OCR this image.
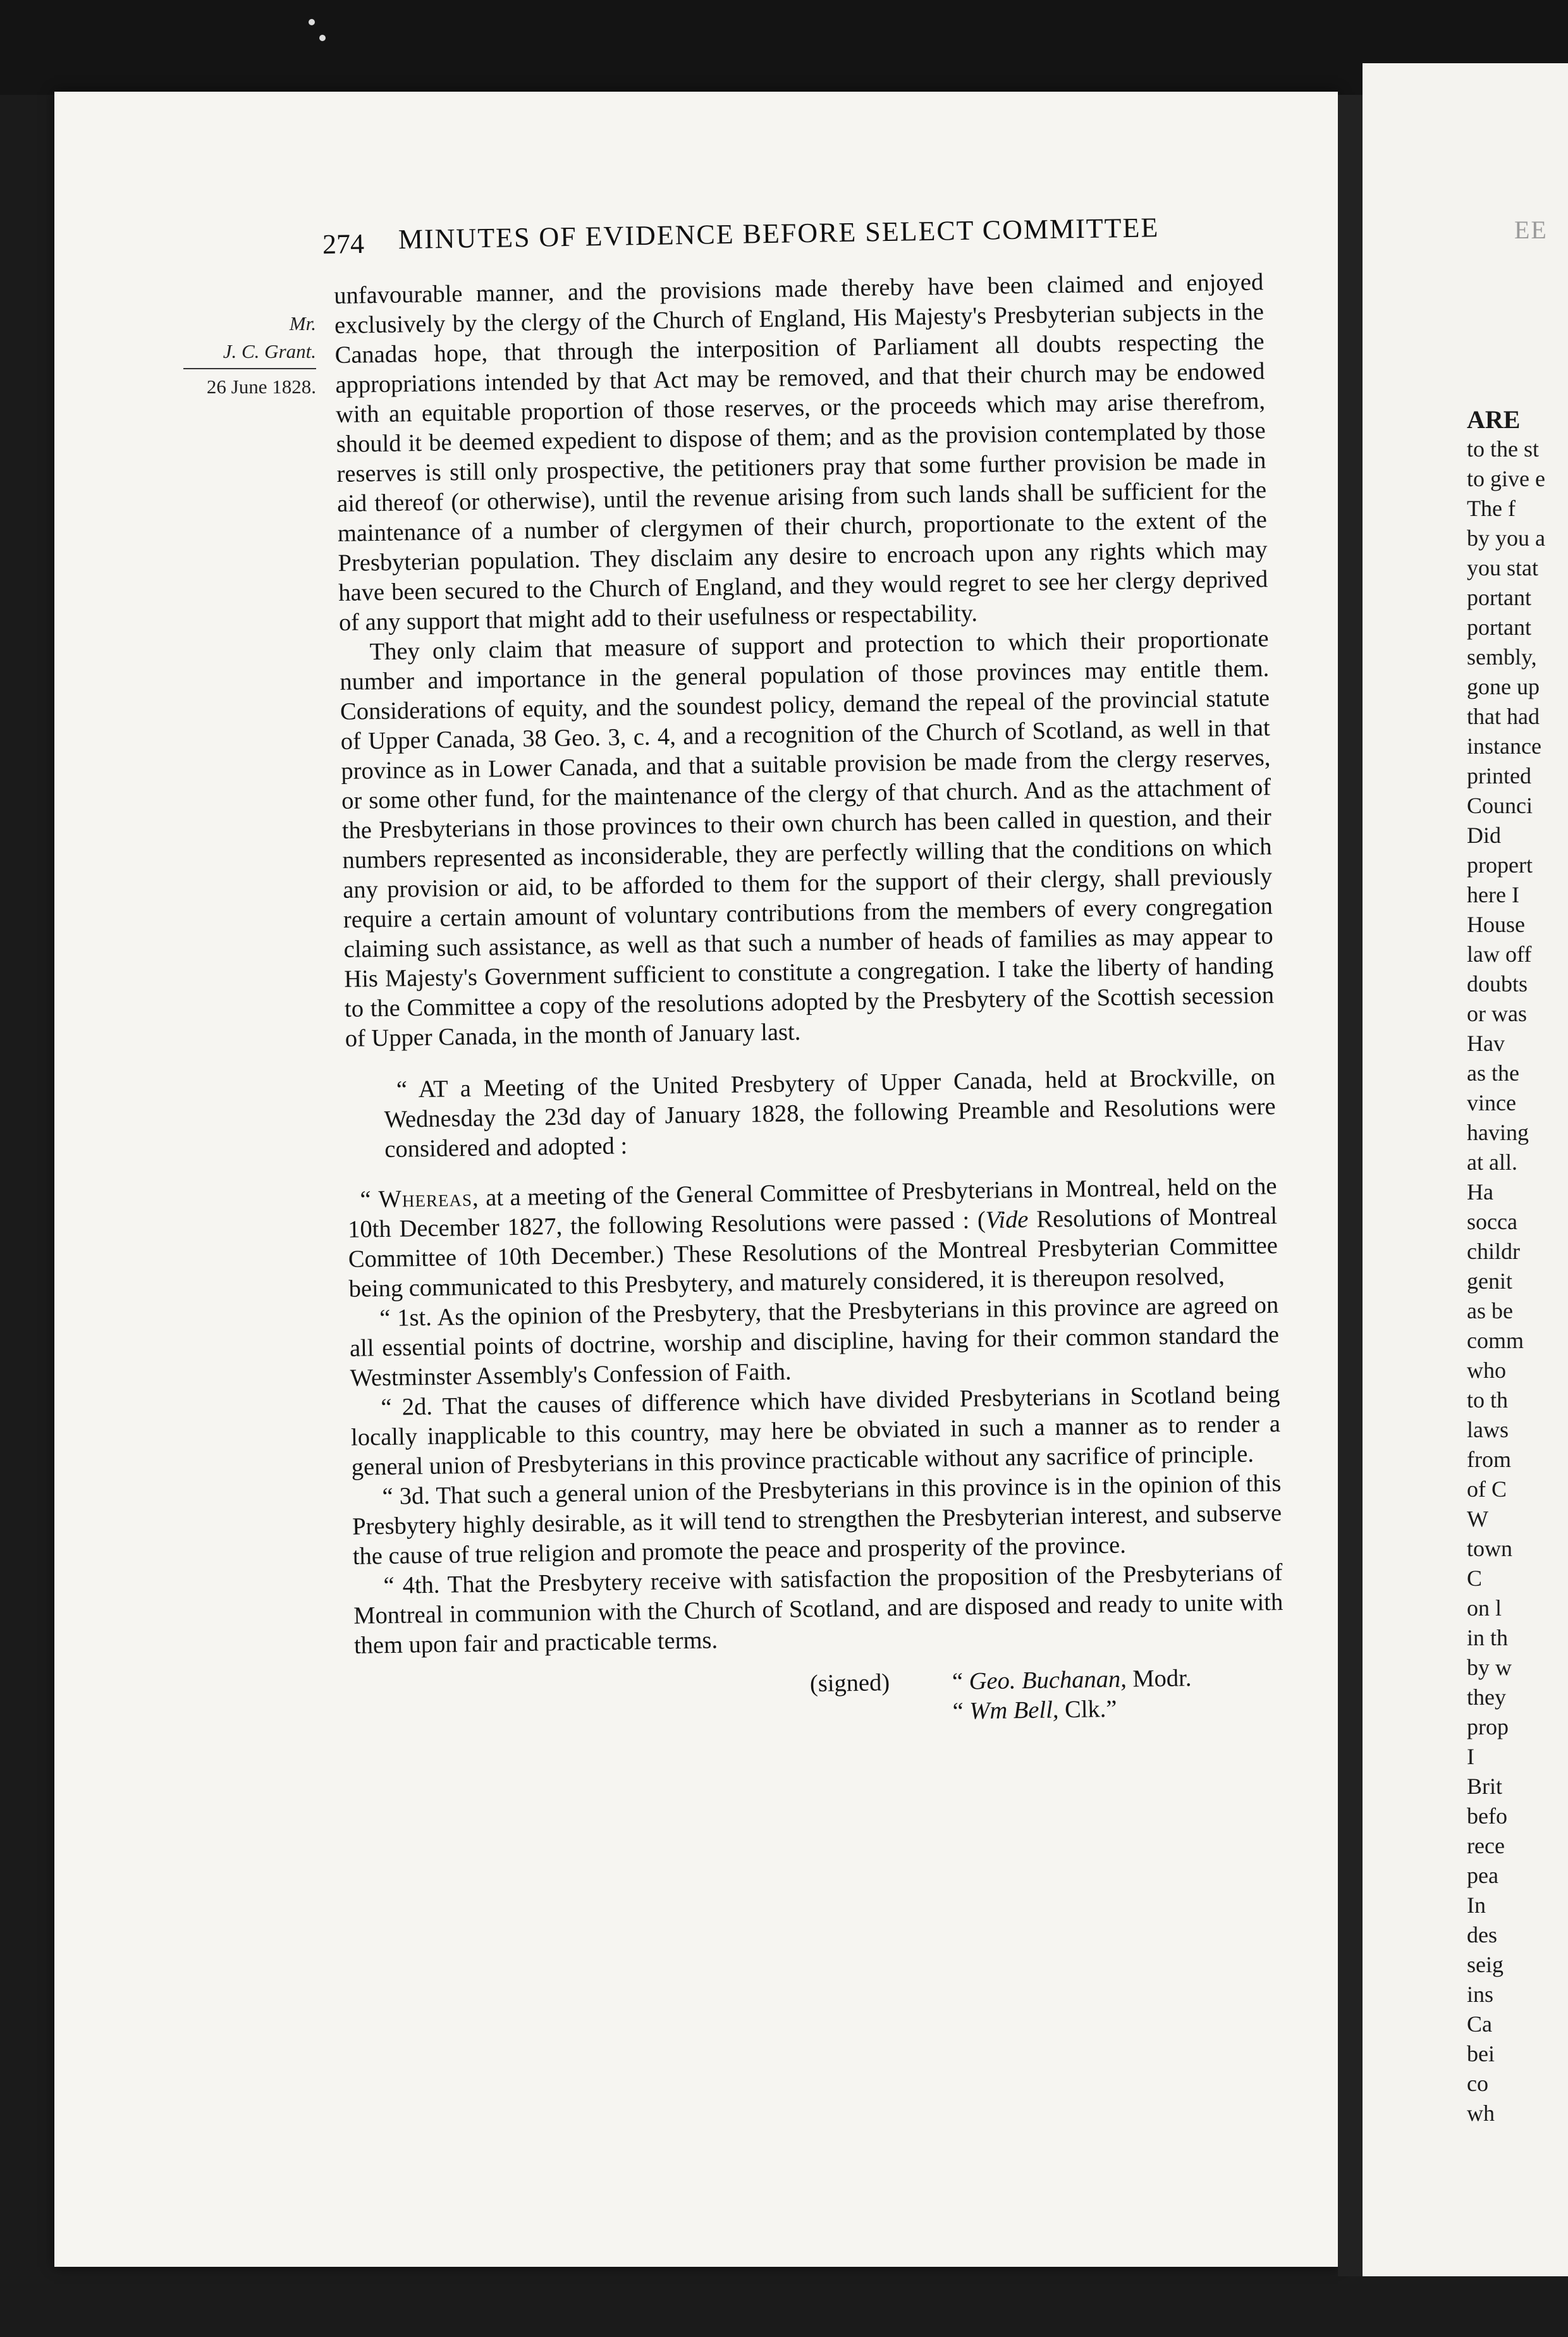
274 MINUTES OF EVIDENCE BEFORE SELECT COMMITTEE
Mr.
J. C. Grant.
26 June 1828.

unfavourable manner, and the provisions made thereby have been claimed and enjoyed exclusively by the clergy of the Church of England, His Majesty's Presbyterian subjects in the Canadas hope, that through the interposition of Parliament all doubts respecting the appropriations intended by that Act may be removed, and that their church may be endowed with an equitable proportion of those reserves, or the proceeds which may arise therefrom, should it be deemed expedient to dispose of them; and as the provision contemplated by those reserves is still only prospective, the petitioners pray that some further provision be made in aid thereof (or otherwise), until the revenue arising from such lands shall be sufficient for the maintenance of a number of clergymen of their church, proportionate to the extent of the Presbyterian population. They disclaim any desire to encroach upon any rights which may have been secured to the Church of England, and they would regret to see her clergy deprived of any support that might add to their usefulness or respectability.

They only claim that measure of support and protection to which their proportionate number and importance in the general population of those provinces may entitle them. Considerations of equity, and the soundest policy, demand the repeal of the provincial statute of Upper Canada, 38 Geo. 3, c. 4, and a recognition of the Church of Scotland, as well in that province as in Lower Canada, and that a suitable provision be made from the clergy reserves, or some other fund, for the maintenance of the clergy of that church. And as the attachment of the Presbyterians in those provinces to their own church has been called in question, and their numbers represented as inconsiderable, they are perfectly willing that the conditions on which any provision or aid, to be afforded to them for the support of their clergy, shall previously require a certain amount of voluntary contributions from the members of every congregation claiming such assistance, as well as that such a number of heads of families as may appear to His Majesty's Government sufficient to constitute a congregation. I take the liberty of handing to the Committee a copy of the resolutions adopted by the Presbytery of the Scottish secession of Upper Canada, in the month of January last.

“ AT a Meeting of the United Presbytery of Upper Canada, held at Brockville, on Wednesday the 23d day of January 1828, the following Preamble and Resolutions were considered and adopted :

“ Whereas, at a meeting of the General Committee of Presbyterians in Montreal, held on the 10th December 1827, the following Resolutions were passed : (Vide Resolutions of Montreal Committee of 10th December.) These Resolutions of the Montreal Presbyterian Committee being communicated to this Presbytery, and maturely considered, it is thereupon resolved,

“ 1st. As the opinion of the Presbytery, that the Presbyterians in this province are agreed on all essential points of doctrine, worship and discipline, having for their common standard the Westminster Assembly's Confession of Faith.

“ 2d. That the causes of difference which have divided Presbyterians in Scotland being locally inapplicable to this country, may here be obviated in such a manner as to render a general union of Presbyterians in this province practicable without any sacrifice of principle.

“ 3d. That such a general union of the Presbyterians in this province is in the opinion of this Presbytery highly desirable, as it will tend to strengthen the Presbyterian interest, and subserve the cause of true religion and promote the peace and prosperity of the province.

“ 4th. That the Presbytery receive with satisfaction the proposition of the Presbyterians of Montreal in communion with the Church of Scotland, and are disposed and ready to unite with them upon fair and practicable terms.

(signed)	“ Geo. Buchanan, Modr.
“ Wm Bell, Clk.”

EE
ARE
to the st
to give e
The f
by you a
you stat
portant
portant
sembly,
gone up
that had
instance
printed
Counci
Did
propert
here I
House
law off
doubts
or was
Hav
as the
vince
having
at all.
Ha
socca
childr
genit
as be
comm
who
to th
laws
from
of C
W
town
C
on l
in th
by w
they
prop
I
Brit
befo
rece
pea
In
des
seig
ins
Ca
bei
co
wh
